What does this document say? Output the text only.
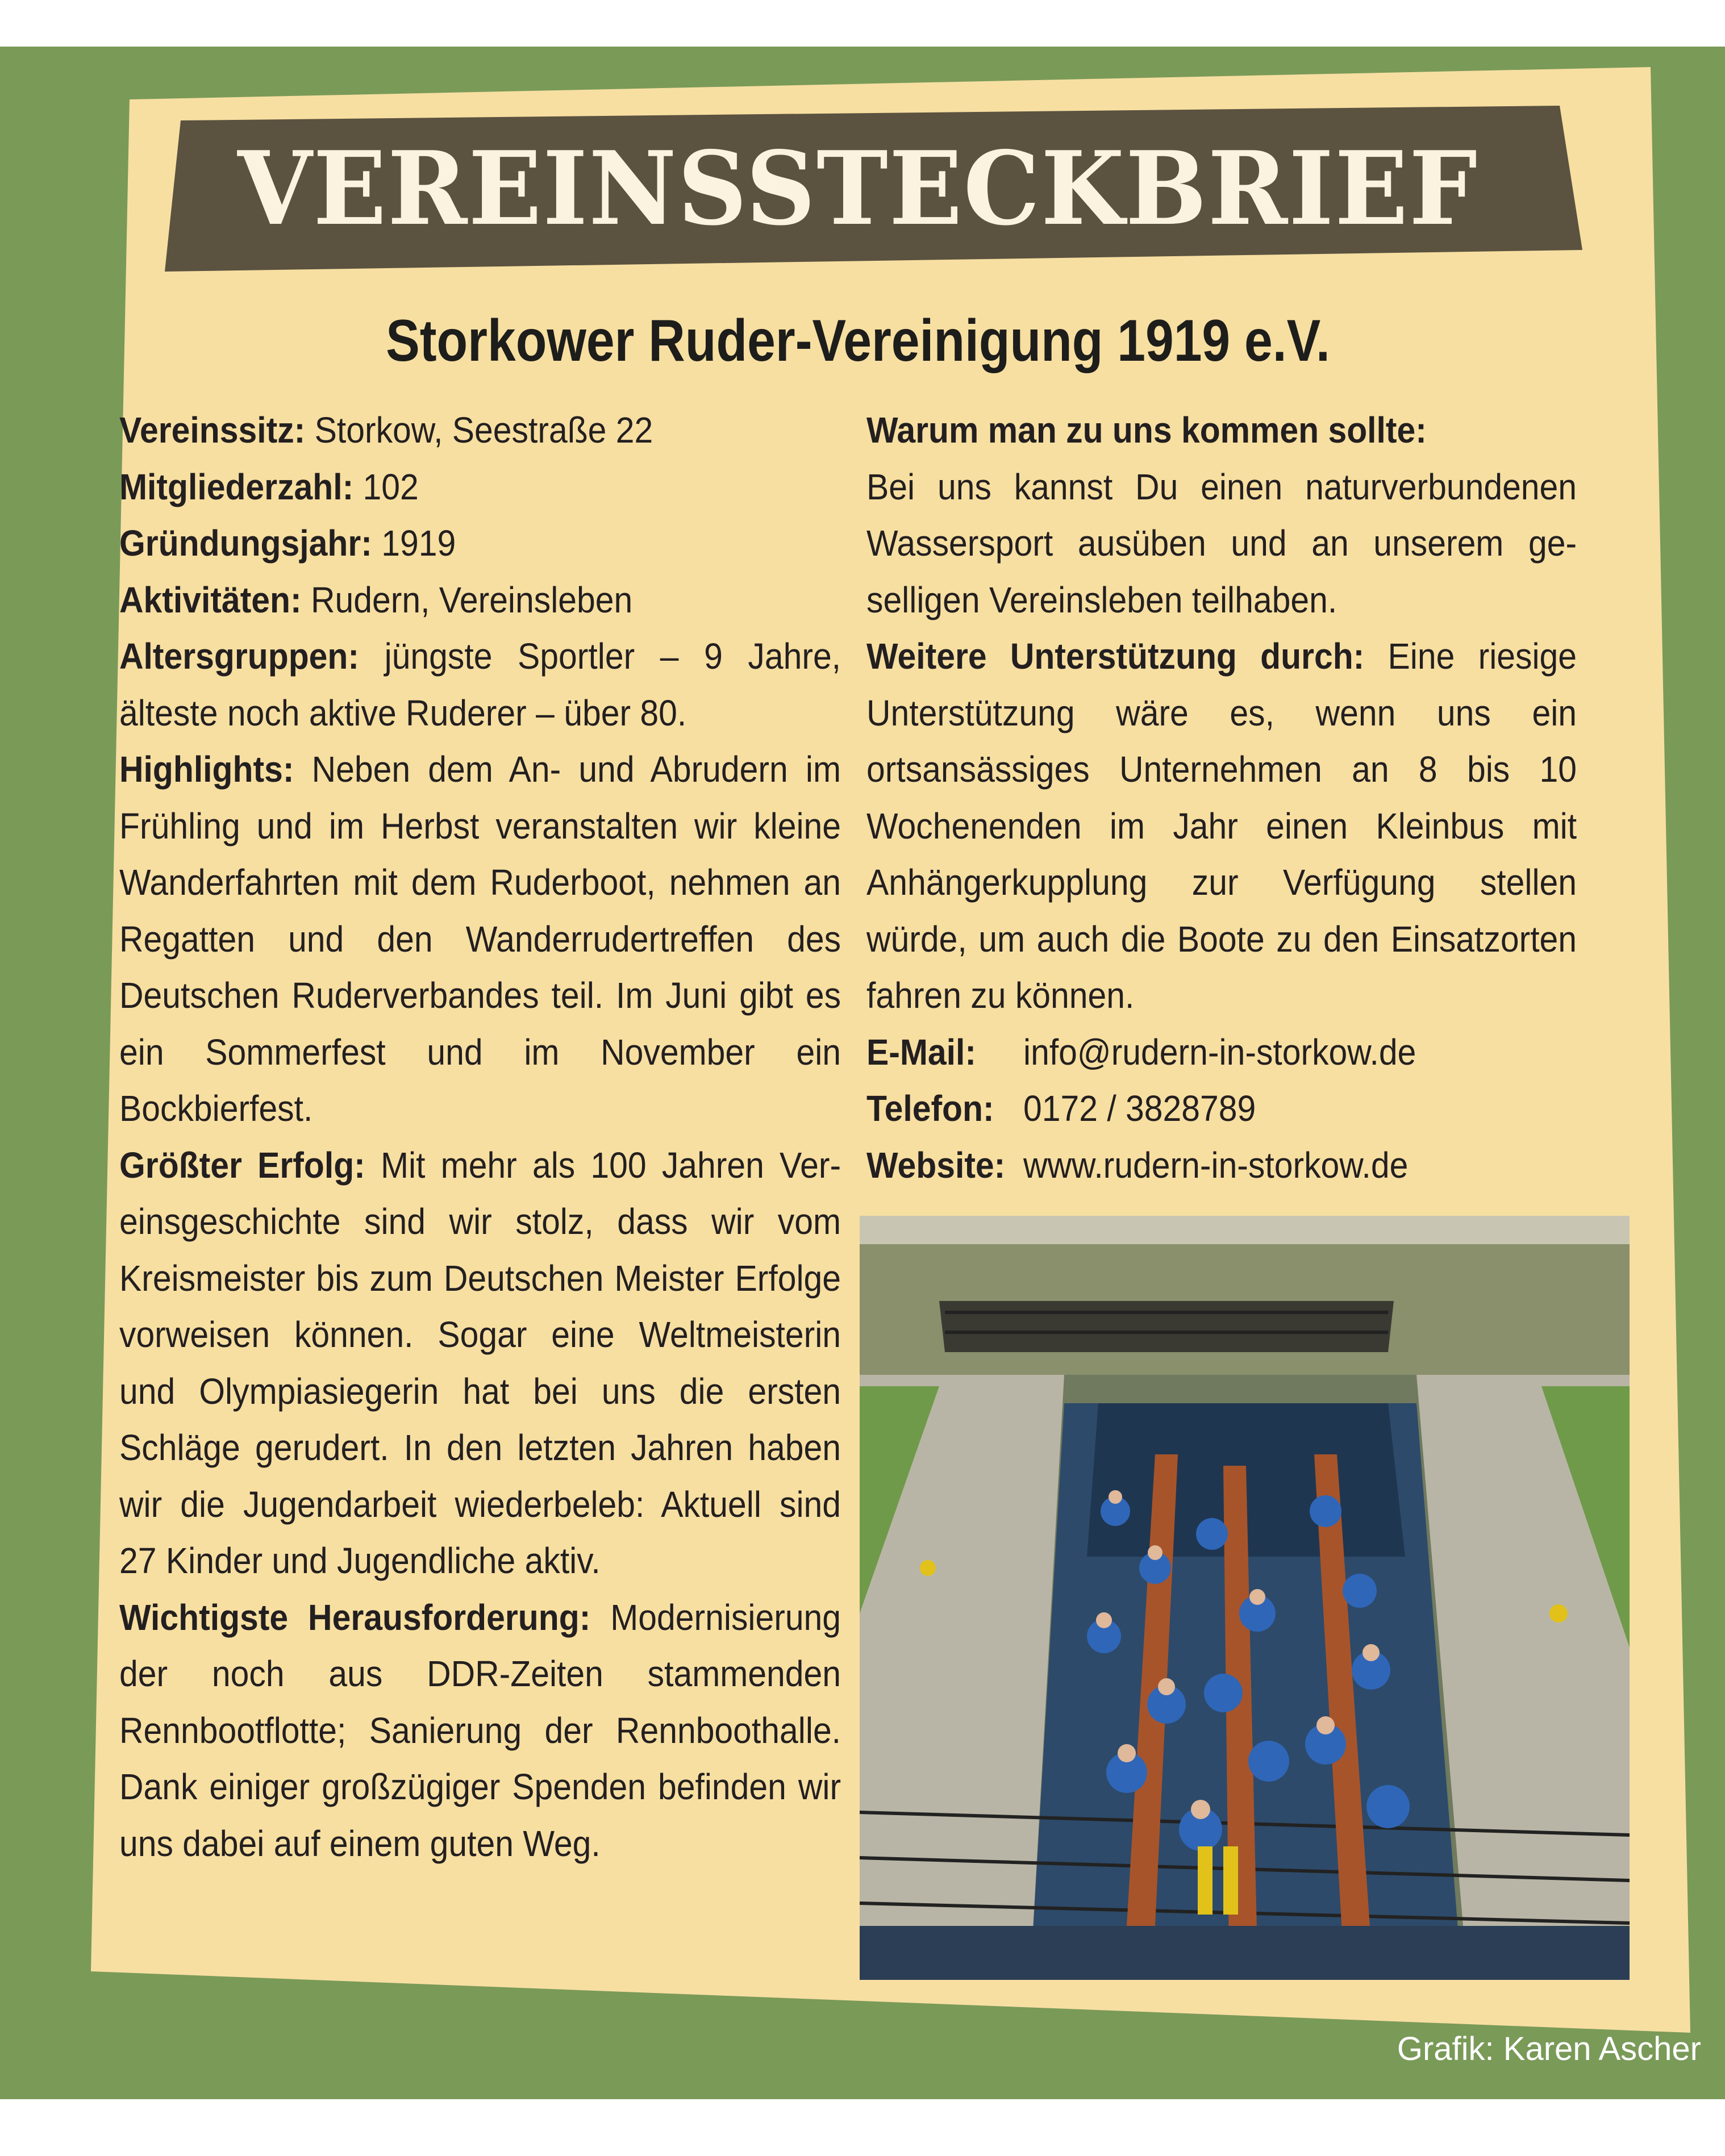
VEREINSSTECKBRIEF
Storkower Ruder-Vereinigung 1919 e.V.

Vereinssitz: Storkow, Seestraße 22

Mitgliederzahl: 102

Gründungsjahr: 1919

Aktivitäten: Rudern, Vereinsleben

Altersgruppen: jüngste Sportler – 9 Jahre, älteste noch aktive Ruderer – über 80.

Highlights: Neben dem An- und Abrudern im Frühling und im Herbst veranstalten wir kleine Wanderfahrten mit dem Ruderboot, nehmen an Regatten und den Wanderrudertreffen des Deutschen Ruderverbandes teil. Im Juni gibt es ein Sommerfest und im November ein Bockbierfest.

Größter Erfolg: Mit mehr als 100 Jahren Vereinsgeschichte sind wir stolz, dass wir vom Kreismeister bis zum Deutschen Meister Erfolge vorweisen können. Sogar eine Weltmeisterin und Olympiasiegerin hat bei uns die ersten Schläge gerudert. In den letzten Jahren haben wir die Jugendarbeit wiederbeleb: Aktuell sind 27 Kinder und Jugendliche aktiv.

Wichtigste Herausforderung: Modernisierung der noch aus DDR-Zeiten stammenden Rennbootflotte; Sanierung der Rennboothalle. Dank einiger großzügiger Spenden befinden wir uns dabei auf einem guten Weg.

Warum man zu uns kommen sollte:

Bei uns kannst Du einen naturverbundenen Wassersport ausüben und an unserem geselligen Vereinsleben teilhaben.

Weitere Unterstützung durch: Eine riesige Unterstützung wäre es, wenn uns ein ortsansässiges Unternehmen an 8 bis 10 Wochenenden im Jahr einen Kleinbus mit Anhängerkupplung zur Verfügung stellen würde, um auch die Boote zu den Einsatzorten fahren zu können.

E-Mail:	info@rudern-in-storkow.de
Telefon: 0172 / 3828789
Website: www.rudern-in-storkow.de
Grafik: Karen Ascher
